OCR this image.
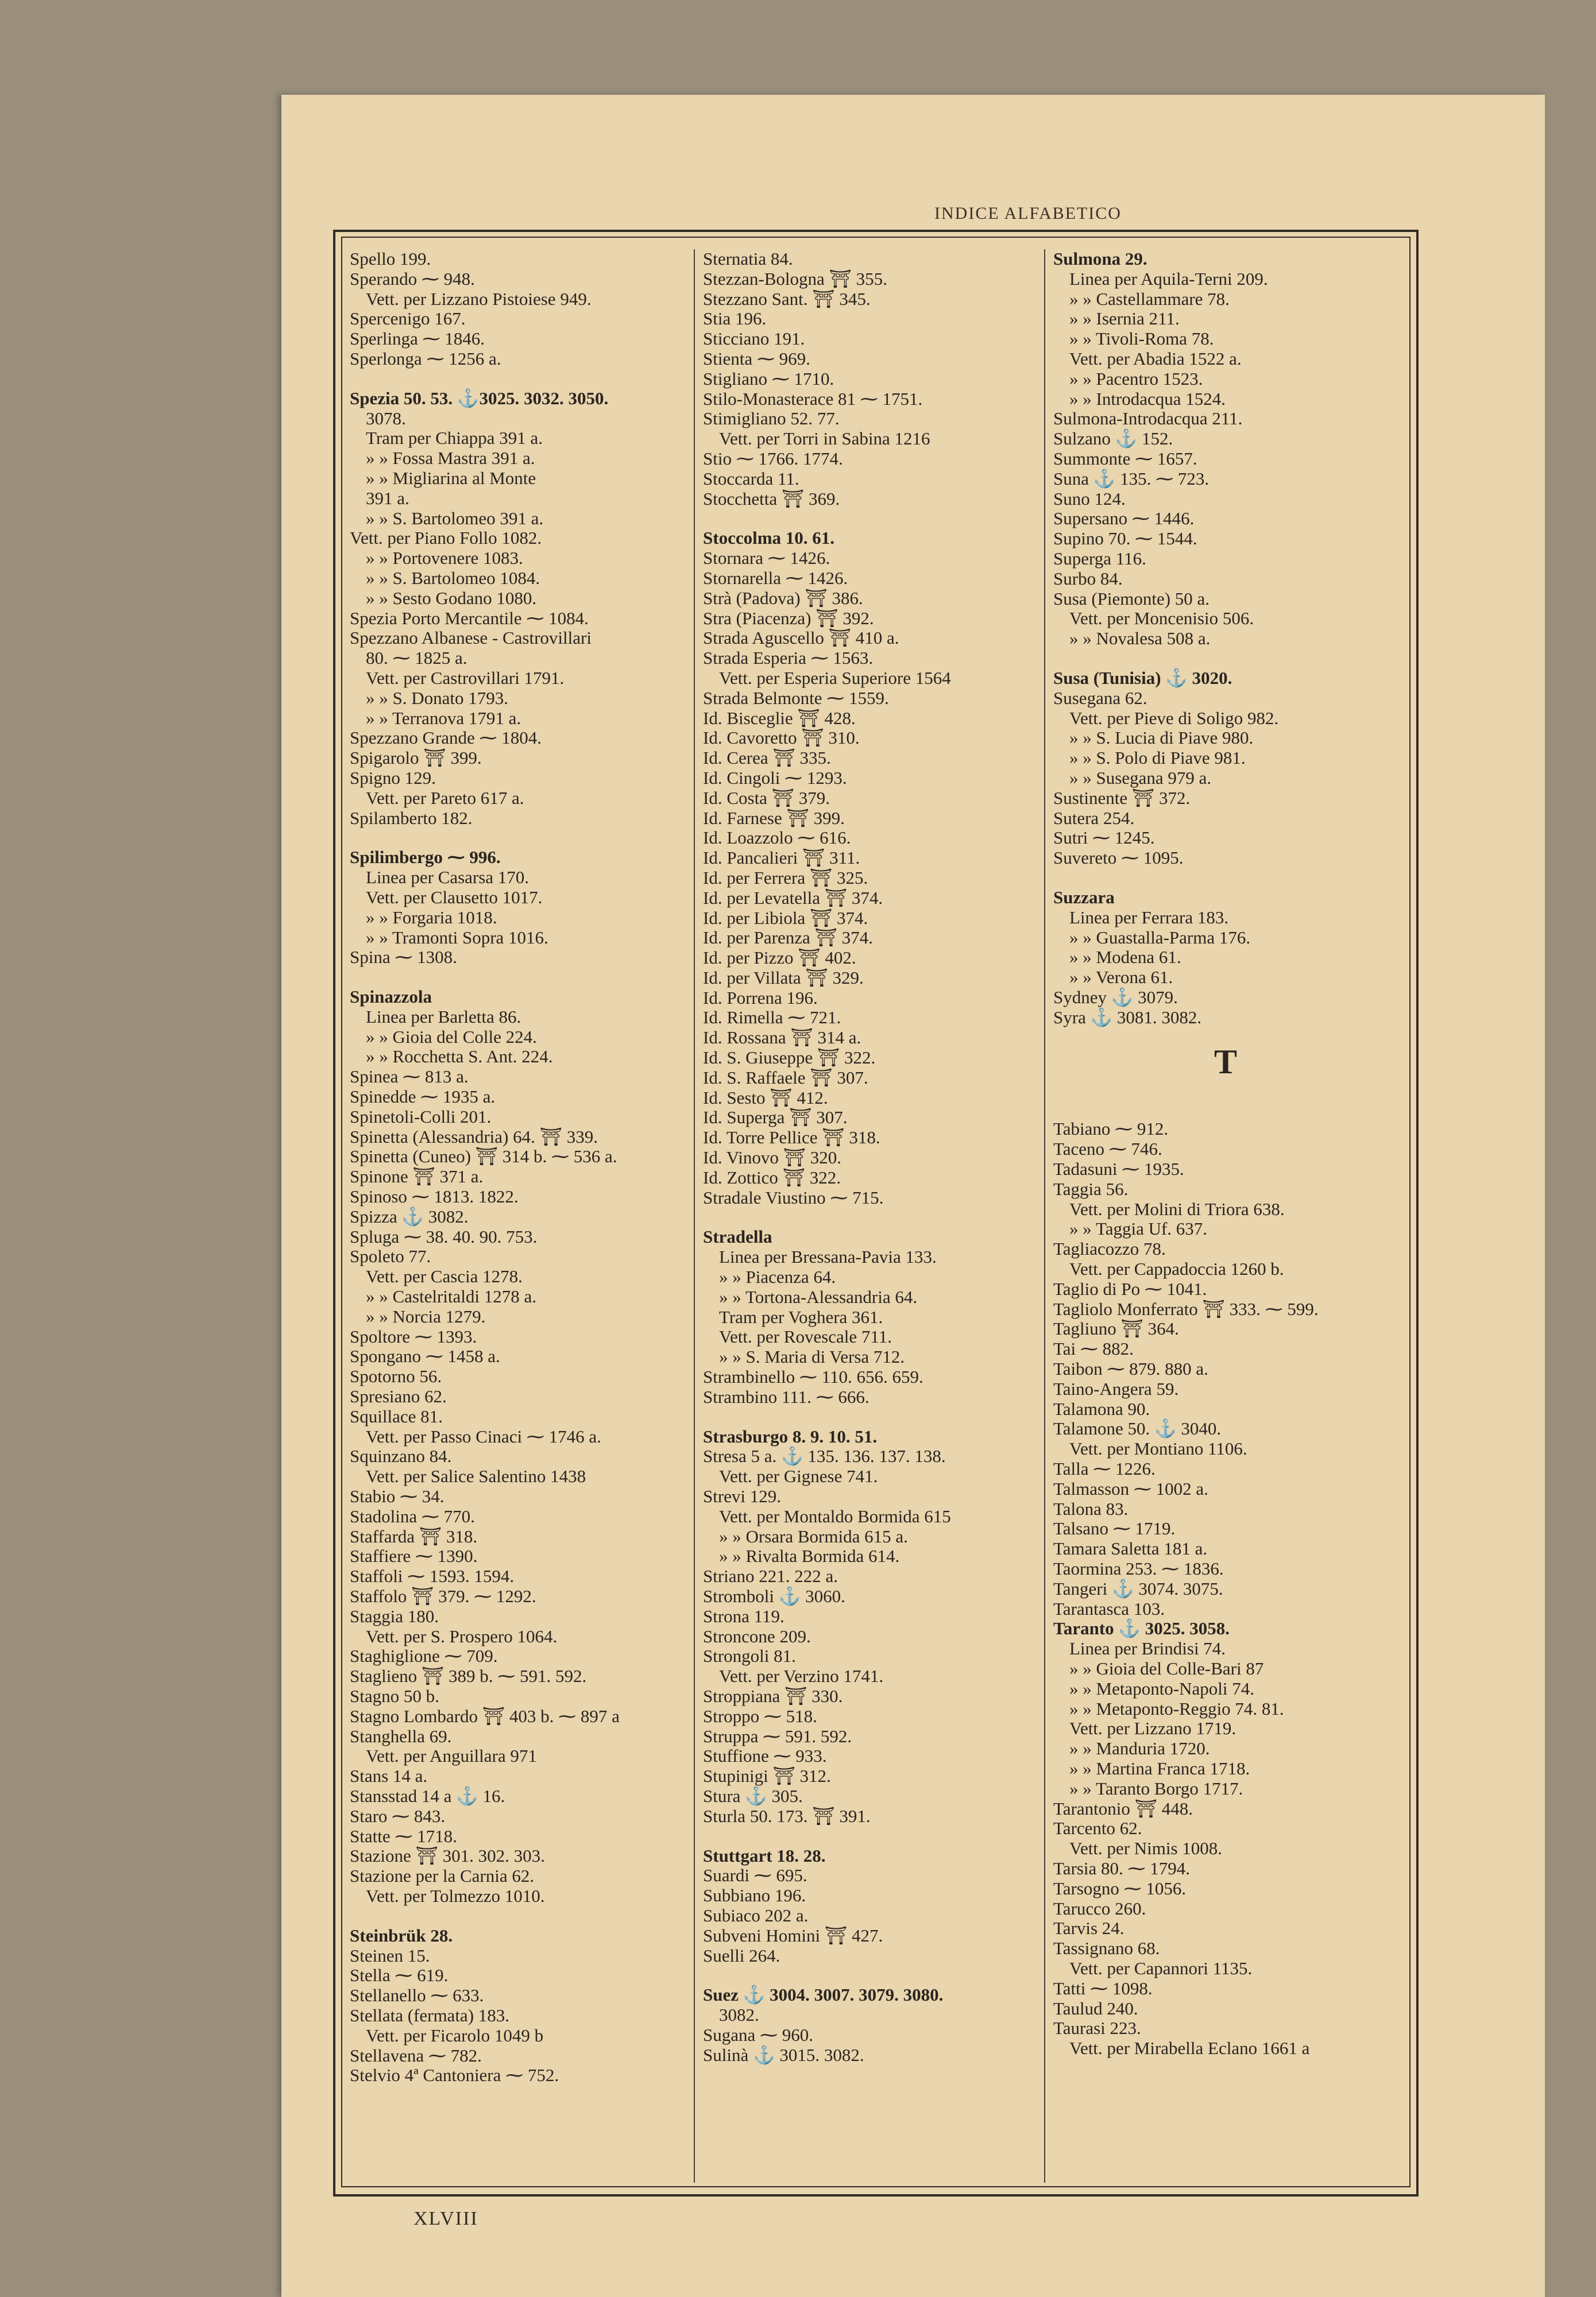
INDICE ALFABETICO
Spello 199.
Sperando ⁓ 948.
Vett. per Lizzano Pistoiese 949.
Spercenigo 167.
Sperlinga ⁓ 1846.
Sperlonga ⁓ 1256 a.
Spezia 50. 53. ⚓3025. 3032. 3050.
3078.
Tram per Chiappa 391 a.
» » Fossa Mastra 391 a.
» » Migliarina al Monte
391 a.
» » S. Bartolomeo 391 a.
Vett. per Piano Follo 1082.
» » Portovenere 1083.
» » S. Bartolomeo 1084.
» » Sesto Godano 1080.
Spezia Porto Mercantile ⁓ 1084.
Spezzano Albanese - Castrovillari
80. ⁓ 1825 a.
Vett. per Castrovillari 1791.
» » S. Donato 1793.
» » Terranova 1791 a.
Spezzano Grande ⁓ 1804.
Spigarolo ⛩ 399.
Spigno 129.
Vett. per Pareto 617 a.
Spilamberto 182.
Spilimbergo ⁓ 996.
Linea per Casarsa 170.
Vett. per Clausetto 1017.
» » Forgaria 1018.
» » Tramonti Sopra 1016.
Spina ⁓ 1308.
Spinazzola
Linea per Barletta 86.
» » Gioia del Colle 224.
» » Rocchetta S. Ant. 224.
Spinea ⁓ 813 a.
Spinedde ⁓ 1935 a.
Spinetoli-Colli 201.
Spinetta (Alessandria) 64. ⛩ 339.
Spinetta (Cuneo) ⛩ 314 b. ⁓ 536 a.
Spinone ⛩ 371 a.
Spinoso ⁓ 1813. 1822.
Spizza ⚓ 3082.
Spluga ⁓ 38. 40. 90. 753.
Spoleto 77.
Vett. per Cascia 1278.
» » Castelritaldi 1278 a.
» » Norcia 1279.
Spoltore ⁓ 1393.
Spongano ⁓ 1458 a.
Spotorno 56.
Spresiano 62.
Squillace 81.
Vett. per Passo Cinaci ⁓ 1746 a.
Squinzano 84.
Vett. per Salice Salentino 1438
Stabio ⁓ 34.
Stadolina ⁓ 770.
Staffarda ⛩ 318.
Staffiere ⁓ 1390.
Staffoli ⁓ 1593. 1594.
Staffolo ⛩ 379. ⁓ 1292.
Staggia 180.
Vett. per S. Prospero 1064.
Staghiglione ⁓ 709.
Staglieno ⛩ 389 b. ⁓ 591. 592.
Stagno 50 b.
Stagno Lombardo ⛩ 403 b. ⁓ 897 a
Stanghella 69.
Vett. per Anguillara 971
Stans 14 a.
Stansstad 14 a ⚓ 16.
Staro ⁓ 843.
Statte ⁓ 1718.
Stazione ⛩ 301. 302. 303.
Stazione per la Carnia 62.
Vett. per Tolmezzo 1010.
Steinbrük 28.
Steinen 15.
Stella ⁓ 619.
Stellanello ⁓ 633.
Stellata (fermata) 183.
Vett. per Ficarolo 1049 b
Stellavena ⁓ 782.
Stelvio 4ª Cantoniera ⁓ 752.
Sternatia 84.
Stezzan-Bologna ⛩ 355.
Stezzano Sant. ⛩ 345.
Stia 196.
Sticciano 191.
Stienta ⁓ 969.
Stigliano ⁓ 1710.
Stilo-Monasterace 81 ⁓ 1751.
Stimigliano 52. 77.
Vett. per Torri in Sabina 1216
Stio ⁓ 1766. 1774.
Stoccarda 11.
Stocchetta ⛩ 369.
Stoccolma 10. 61.
Stornara ⁓ 1426.
Stornarella ⁓ 1426.
Strà (Padova) ⛩ 386.
Stra (Piacenza) ⛩ 392.
Strada Aguscello ⛩ 410 a.
Strada Esperia ⁓ 1563.
Vett. per Esperia Superiore 1564
Strada Belmonte ⁓ 1559.
Id. Bisceglie ⛩ 428.
Id. Cavoretto ⛩ 310.
Id. Cerea ⛩ 335.
Id. Cingoli ⁓ 1293.
Id. Costa ⛩ 379.
Id. Farnese ⛩ 399.
Id. Loazzolo ⁓ 616.
Id. Pancalieri ⛩ 311.
Id. per Ferrera ⛩ 325.
Id. per Levatella ⛩ 374.
Id. per Libiola ⛩ 374.
Id. per Parenza ⛩ 374.
Id. per Pizzo ⛩ 402.
Id. per Villata ⛩ 329.
Id. Porrena 196.
Id. Rimella ⁓ 721.
Id. Rossana ⛩ 314 a.
Id. S. Giuseppe ⛩ 322.
Id. S. Raffaele ⛩ 307.
Id. Sesto ⛩ 412.
Id. Superga ⛩ 307.
Id. Torre Pellice ⛩ 318.
Id. Vinovo ⛩ 320.
Id. Zottico ⛩ 322.
Stradale Viustino ⁓ 715.
Stradella
Linea per Bressana-Pavia 133.
» » Piacenza 64.
» » Tortona-Alessandria 64.
Tram per Voghera 361.
Vett. per Rovescale 711.
» » S. Maria di Versa 712.
Strambinello ⁓ 110. 656. 659.
Strambino 111. ⁓ 666.
Strasburgo 8. 9. 10. 51.
Stresa 5 a. ⚓ 135. 136. 137. 138.
Vett. per Gignese 741.
Strevi 129.
Vett. per Montaldo Bormida 615
» » Orsara Bormida 615 a.
» » Rivalta Bormida 614.
Striano 221. 222 a.
Stromboli ⚓ 3060.
Strona 119.
Stroncone 209.
Strongoli 81.
Vett. per Verzino 1741.
Stroppiana ⛩ 330.
Stroppo ⁓ 518.
Struppa ⁓ 591. 592.
Stuffione ⁓ 933.
Stupinigi ⛩ 312.
Stura ⚓ 305.
Sturla 50. 173. ⛩ 391.
Stuttgart 18. 28.
Suardi ⁓ 695.
Subbiano 196.
Subiaco 202 a.
Subveni Homini ⛩ 427.
Suelli 264.
Suez ⚓ 3004. 3007. 3079. 3080.
3082.
Sugana ⁓ 960.
Sulinà ⚓ 3015. 3082.
Sulmona 29.
Linea per Aquila-Terni 209.
» » Castellammare 78.
» » Isernia 211.
» » Tivoli-Roma 78.
Vett. per Abadia 1522 a.
» » Pacentro 1523.
» » Introdacqua 1524.
Sulmona-Introdacqua 211.
Sulzano ⚓ 152.
Summonte ⁓ 1657.
Suna ⚓ 135. ⁓ 723.
Suno 124.
Supersano ⁓ 1446.
Supino 70. ⁓ 1544.
Superga 116.
Surbo 84.
Susa (Piemonte) 50 a.
Vett. per Moncenisio 506.
» » Novalesa 508 a.
Susa (Tunisia) ⚓ 3020.
Susegana 62.
Vett. per Pieve di Soligo 982.
» » S. Lucia di Piave 980.
» » S. Polo di Piave 981.
» » Susegana 979 a.
Sustinente ⛩ 372.
Sutera 254.
Sutri ⁓ 1245.
Suvereto ⁓ 1095.
Suzzara
Linea per Ferrara 183.
» » Guastalla-Parma 176.
» » Modena 61.
» » Verona 61.
Sydney ⚓ 3079.
Syra ⚓ 3081. 3082.
T
Tabiano ⁓ 912.
Taceno ⁓ 746.
Tadasuni ⁓ 1935.
Taggia 56.
Vett. per Molini di Triora 638.
» » Taggia Uf. 637.
Tagliacozzo 78.
Vett. per Cappadoccia 1260 b.
Taglio di Po ⁓ 1041.
Tagliolo Monferrato ⛩ 333. ⁓ 599.
Tagliuno ⛩ 364.
Tai ⁓ 882.
Taibon ⁓ 879. 880 a.
Taino-Angera 59.
Talamona 90.
Talamone 50. ⚓ 3040.
Vett. per Montiano 1106.
Talla ⁓ 1226.
Talmasson ⁓ 1002 a.
Talona 83.
Talsano ⁓ 1719.
Tamara Saletta 181 a.
Taormina 253. ⁓ 1836.
Tangeri ⚓ 3074. 3075.
Tarantasca 103.
Taranto ⚓ 3025. 3058.
Linea per Brindisi 74.
» » Gioia del Colle-Bari 87
» » Metaponto-Napoli 74.
» » Metaponto-Reggio 74. 81.
Vett. per Lizzano 1719.
» » Manduria 1720.
» » Martina Franca 1718.
» » Taranto Borgo 1717.
Tarantonio ⛩ 448.
Tarcento 62.
Vett. per Nimis 1008.
Tarsia 80. ⁓ 1794.
Tarsogno ⁓ 1056.
Tarucco 260.
Tarvis 24.
Tassignano 68.
Vett. per Capannori 1135.
Tatti ⁓ 1098.
Taulud 240.
Taurasi 223.
Vett. per Mirabella Eclano 1661 a
XLVIII
